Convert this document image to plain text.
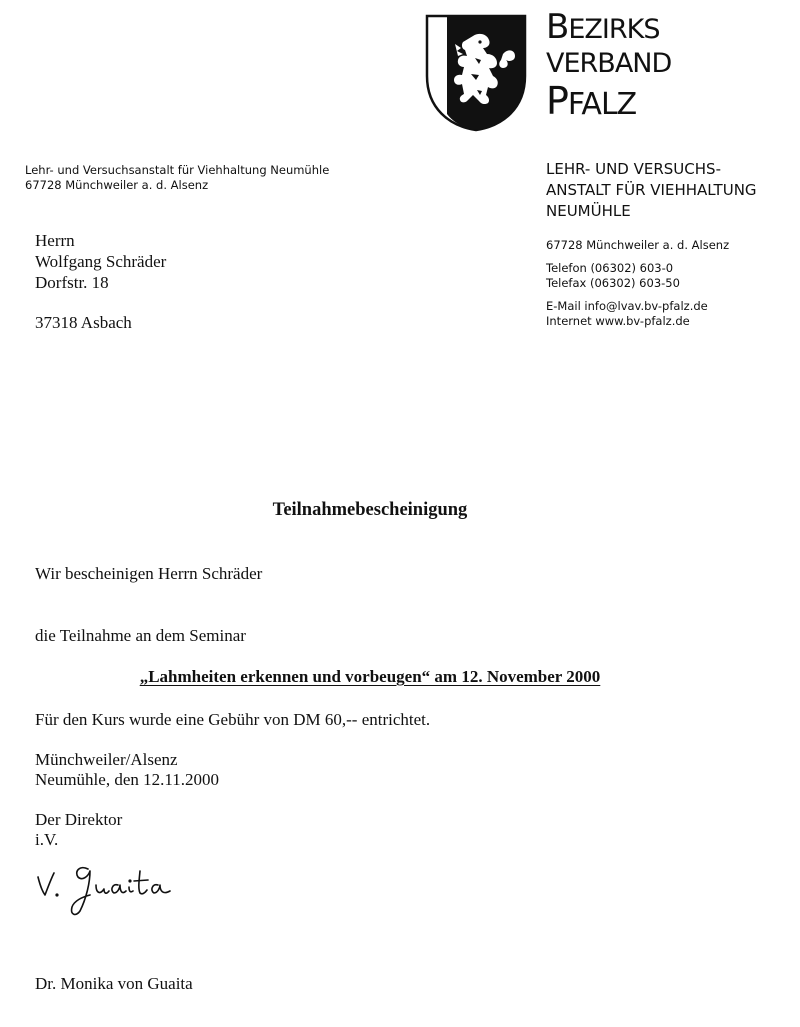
BEZIRKS
VERBAND
PFALZ
Lehr- und Versuchsanstalt für Viehhaltung Neumühle
67728 Münchweiler a. d. Alsenz
LEHR- UND VERSUCHS-
ANSTALT FÜR VIEHHALTUNG
NEUMÜHLE
67728 Münchweiler a. d. Alsenz
Telefon (06302) 603-0
Telefax (06302) 603-50
E-Mail info@lvav.bv-pfalz.de
Internet www.bv-pfalz.de
Herrn
Wolfgang Schräder
Dorfstr. 18
37318 Asbach
Teilnahmebescheinigung
Wir bescheinigen Herrn Schräder
die Teilnahme an dem Seminar
„Lahmheiten erkennen und vorbeugen“ am 12. November 2000
Für den Kurs wurde eine Gebühr von DM 60,-- entrichtet.
Münchweiler/Alsenz
Neumühle, den 12.11.2000
Der Direktor
i.V.
Dr. Monika von Guaita
